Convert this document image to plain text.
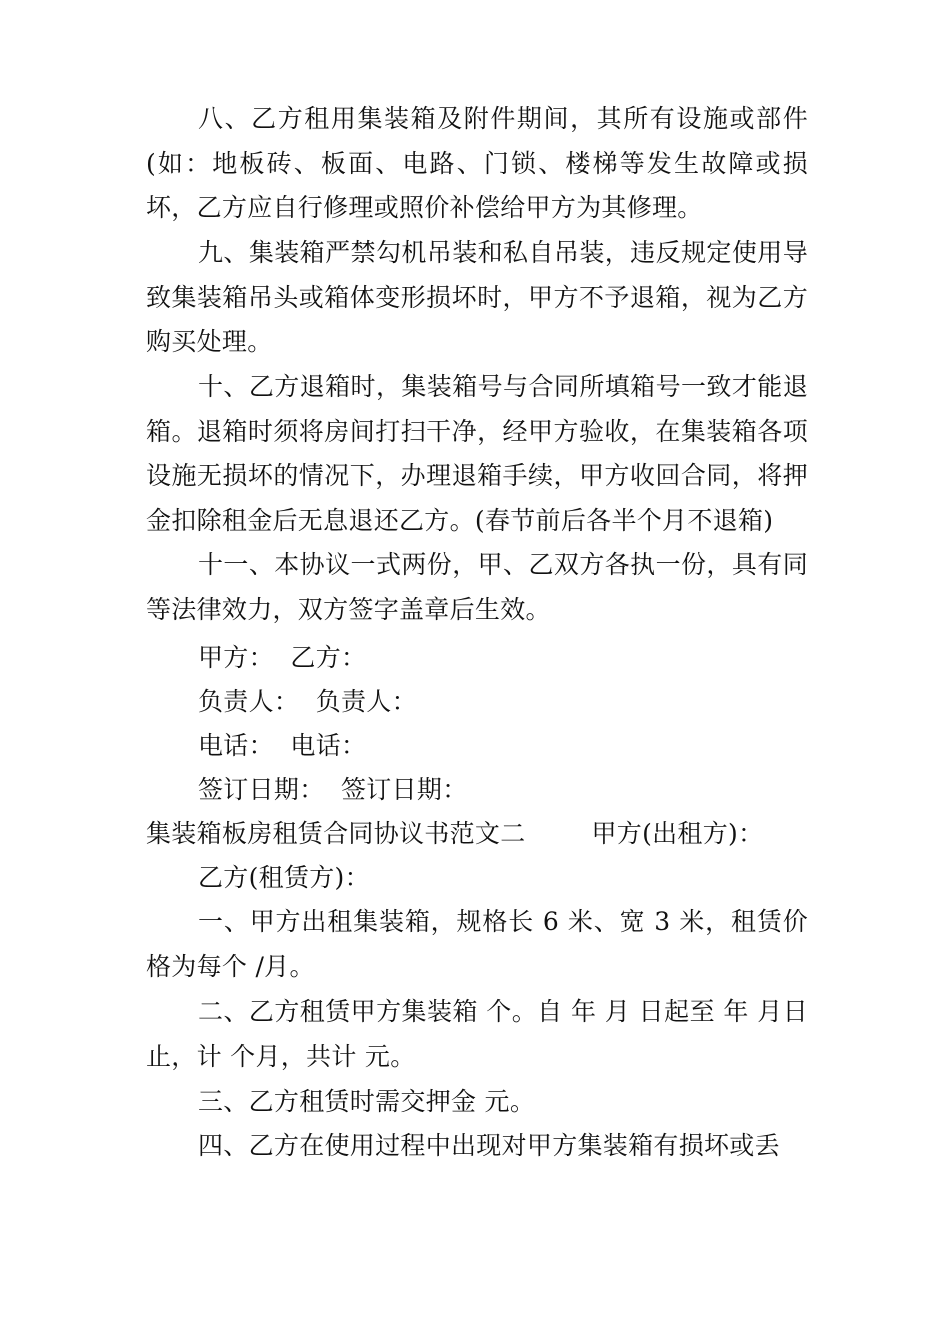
八、乙方租用集装箱及附件期间，其所有设施或部件(如：地板砖、板面、电路、门锁、楼梯等发生故障或损坏，乙方应自行修理或照价补偿给甲方为其修理。

九、集装箱严禁勾机吊装和私自吊装，违反规定使用导致集装箱吊头或箱体变形损坏时，甲方不予退箱，视为乙方购买处理。

十、乙方退箱时，集装箱号与合同所填箱号一致才能退箱。退箱时须将房间打扫干净，经甲方验收，在集装箱各项设施无损坏的情况下，办理退箱手续，甲方收回合同，将押金扣除租金后无息退还乙方。(春节前后各半个月不退箱)

十一、本协议一式两份，甲、乙双方各执一份，具有同等法律效力，双方签字盖章后生效。

甲方：  乙方：

负责人：  负责人：

电话：  电话：

签订日期：  签订日期：

集装箱板房租赁合同协议书范文二        甲方(出租方)：

乙方(租赁方)：

一、甲方出租集装箱，规格长 6 米、宽 3 米，租赁价格为每个 /月。

二、乙方租赁甲方集装箱 个。自 年 月 日起至 年 月日止，计 个月，共计 元。

三、乙方租赁时需交押金 元。

四、乙方在使用过程中出现对甲方集装箱有损坏或丢
